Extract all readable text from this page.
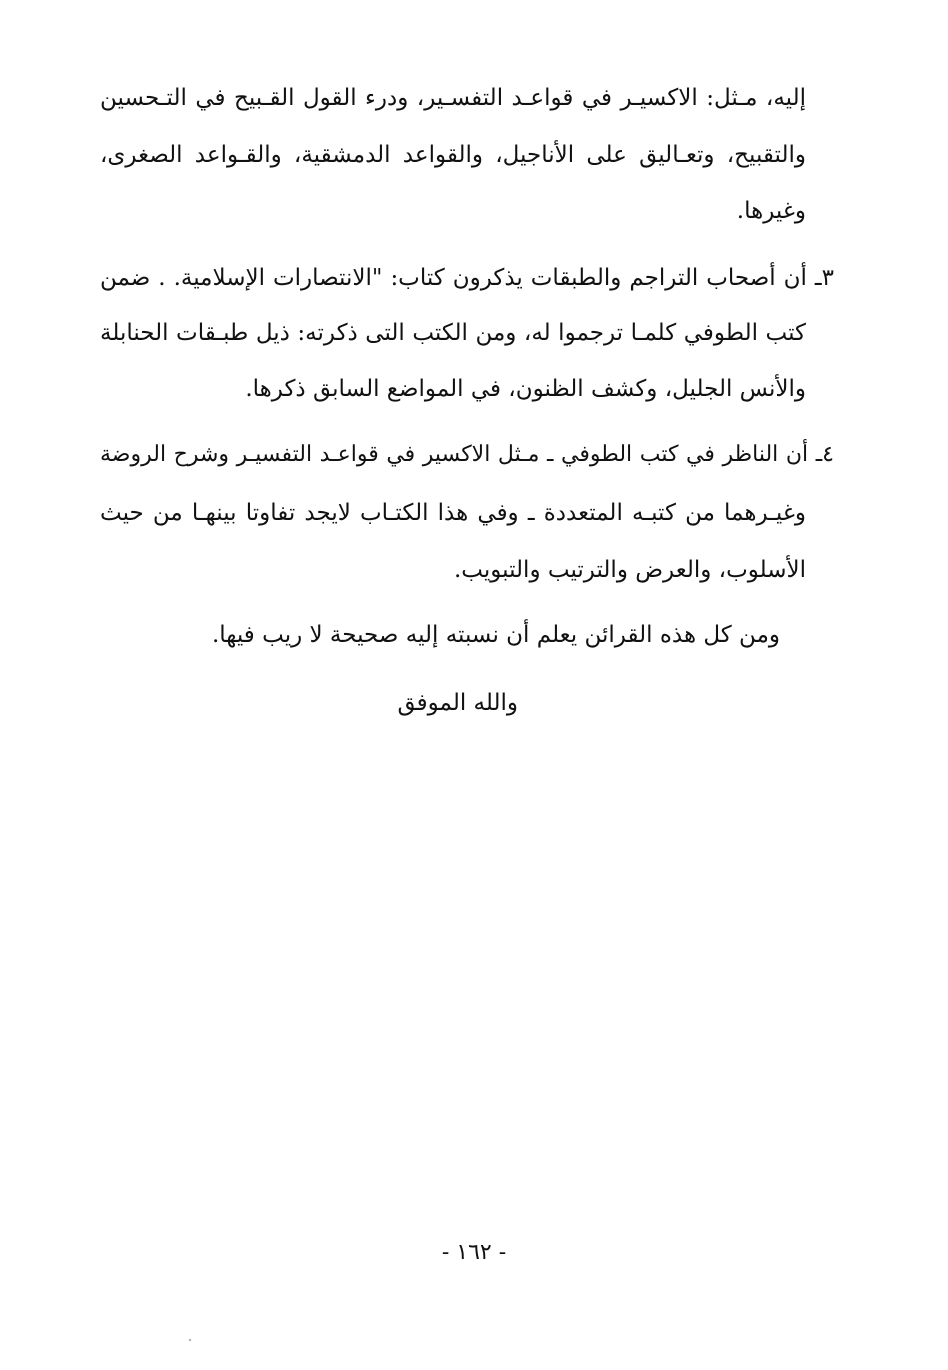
إليه، مـثل: الاكسيـر في قواعـد التفسـير، ودرء القول القـبيح في التـحسين
والتقبيح، وتعـاليق على الأناجيل، والقواعد الدمشقية، والقـواعد الصغرى،
وغيرها.
٣ـ أن أصحاب التراجم والطبقات يذكرون كتاب: "الانتصارات الإسلامية. . ضمن
كتب الطوفي كلمـا ترجموا له، ومن الكتب التى ذكرته: ذيل طبـقات الحنابلة
والأنس الجليل، وكشف الظنون، في المواضع السابق ذكرها.
٤ـ أن الناظر في كتب الطوفي ـ مـثل الاكسير في قواعـد التفسيـر وشرح الروضة
وغيـرهما من كتبـه المتعددة ـ وفي هذا الكتـاب لايجد تفاوتا بينهـا من حيث
الأسلوب، والعرض والترتيب والتبويب.
ومن كل هذه القرائن يعلم أن نسبته إليه صحيحة لا ريب فيها.
والله الموفق
- ١٦٢ -
